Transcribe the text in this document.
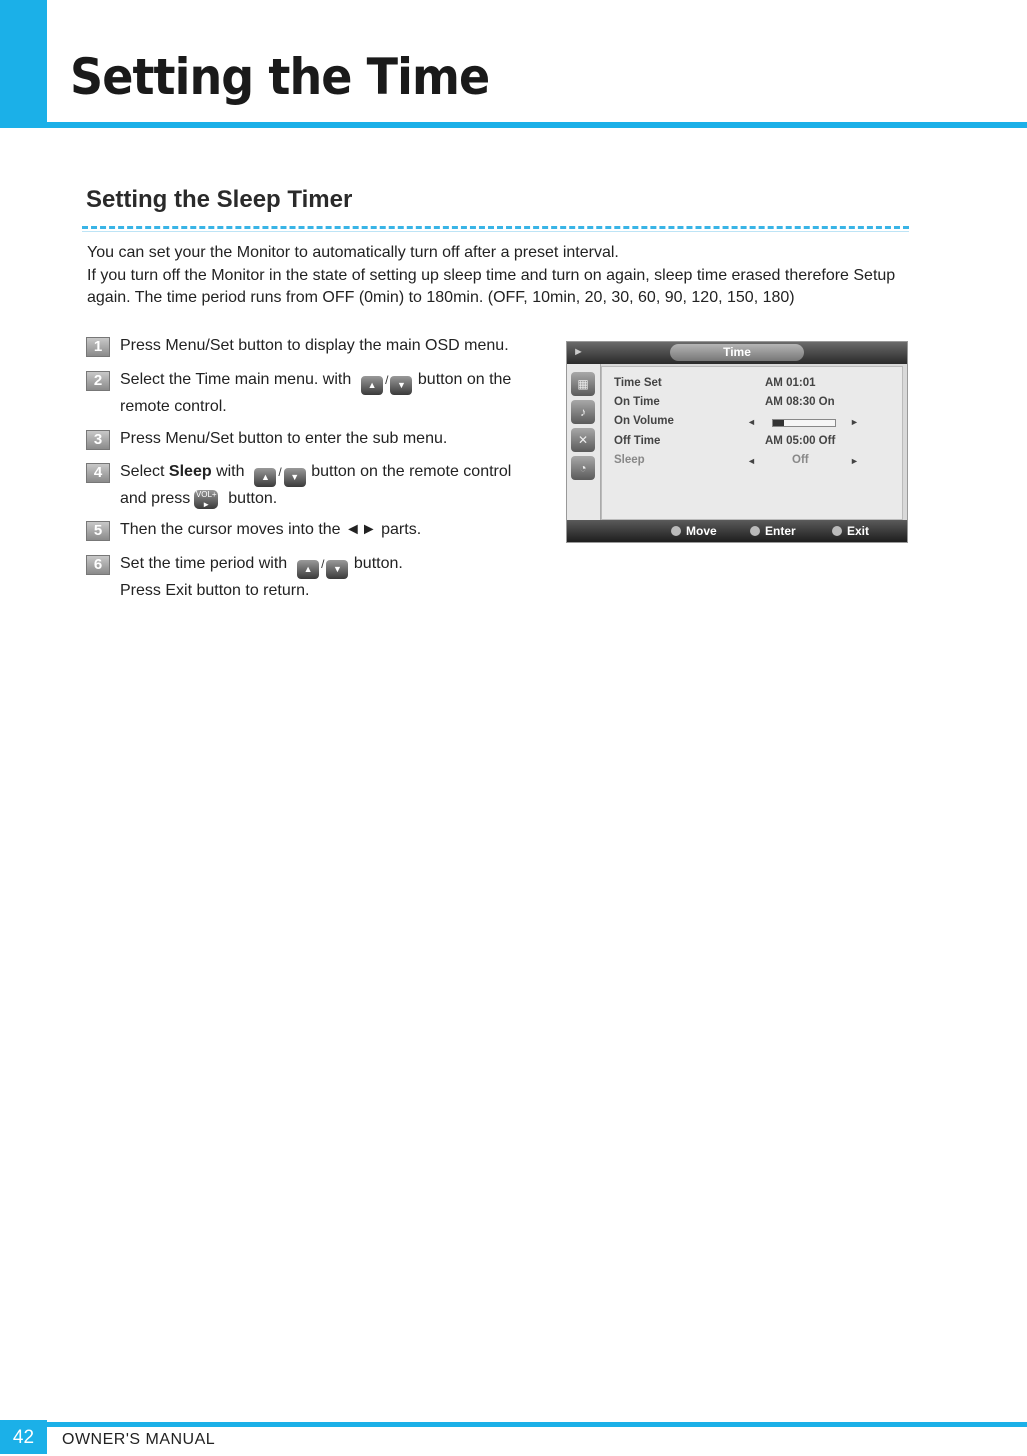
Setting the Time
Setting the Sleep Timer

You can set your the Monitor to automatically turn off after a preset interval.

If you turn off the Monitor in the state of setting up sleep time and turn on again, sleep time erased therefore Setup again. The time period runs from OFF (0min) to 180min. (OFF, 10min, 20, 30, 60, 90, 120, 150, 180)

1	Press Menu/Set button to display the main OSD menu.
2	Select the Time main menu. with ▲ / ▼ button on the remote control.
3	Press Menu/Set button to enter the sub menu.
4	Select Sleep with ▲ / ▼ button on the remote control
and press VOL+
► button.
5	Then the cursor moves into the ◄► parts.
6	Set the time period with ▲ / ▼ button.
Press Exit button to return.
►	Time
▦
♪
✕
◔
Time Set	AM 01:01
On Time	AM 08:30 On
On Volume	◄	►
Off Time	AM 05:00 Off
Sleep	◄	Off	►
Move	Enter	Exit
42	OWNER'S MANUAL
